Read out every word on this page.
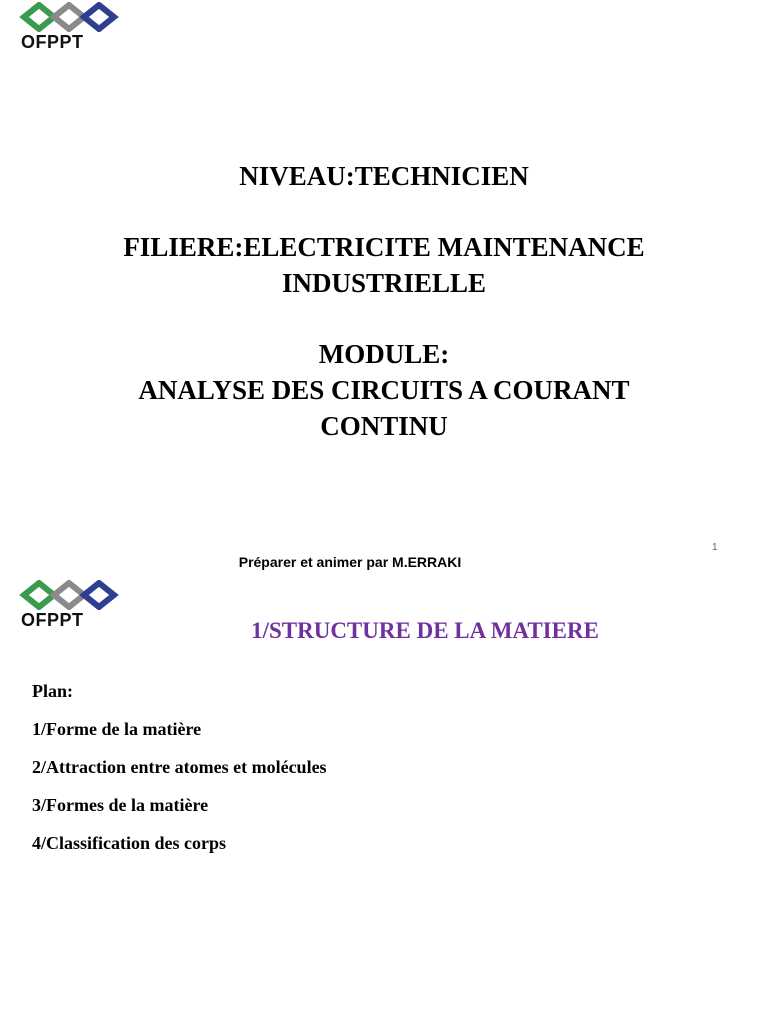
OFPPT
NIVEAU:TECHNICIEN
FILIERE:ELECTRICITE MAINTENANCE
INDUSTRIELLE
MODULE:
ANALYSE DES CIRCUITS A COURANT
CONTINU
1
Préparer et animer par M.ERRAKI
OFPPT	1/STRUCTURE DE LA MATIERE
Plan:
1/Forme de la matière
2/Attraction entre atomes et molécules
3/Formes de la matière
4/Classification des corps
